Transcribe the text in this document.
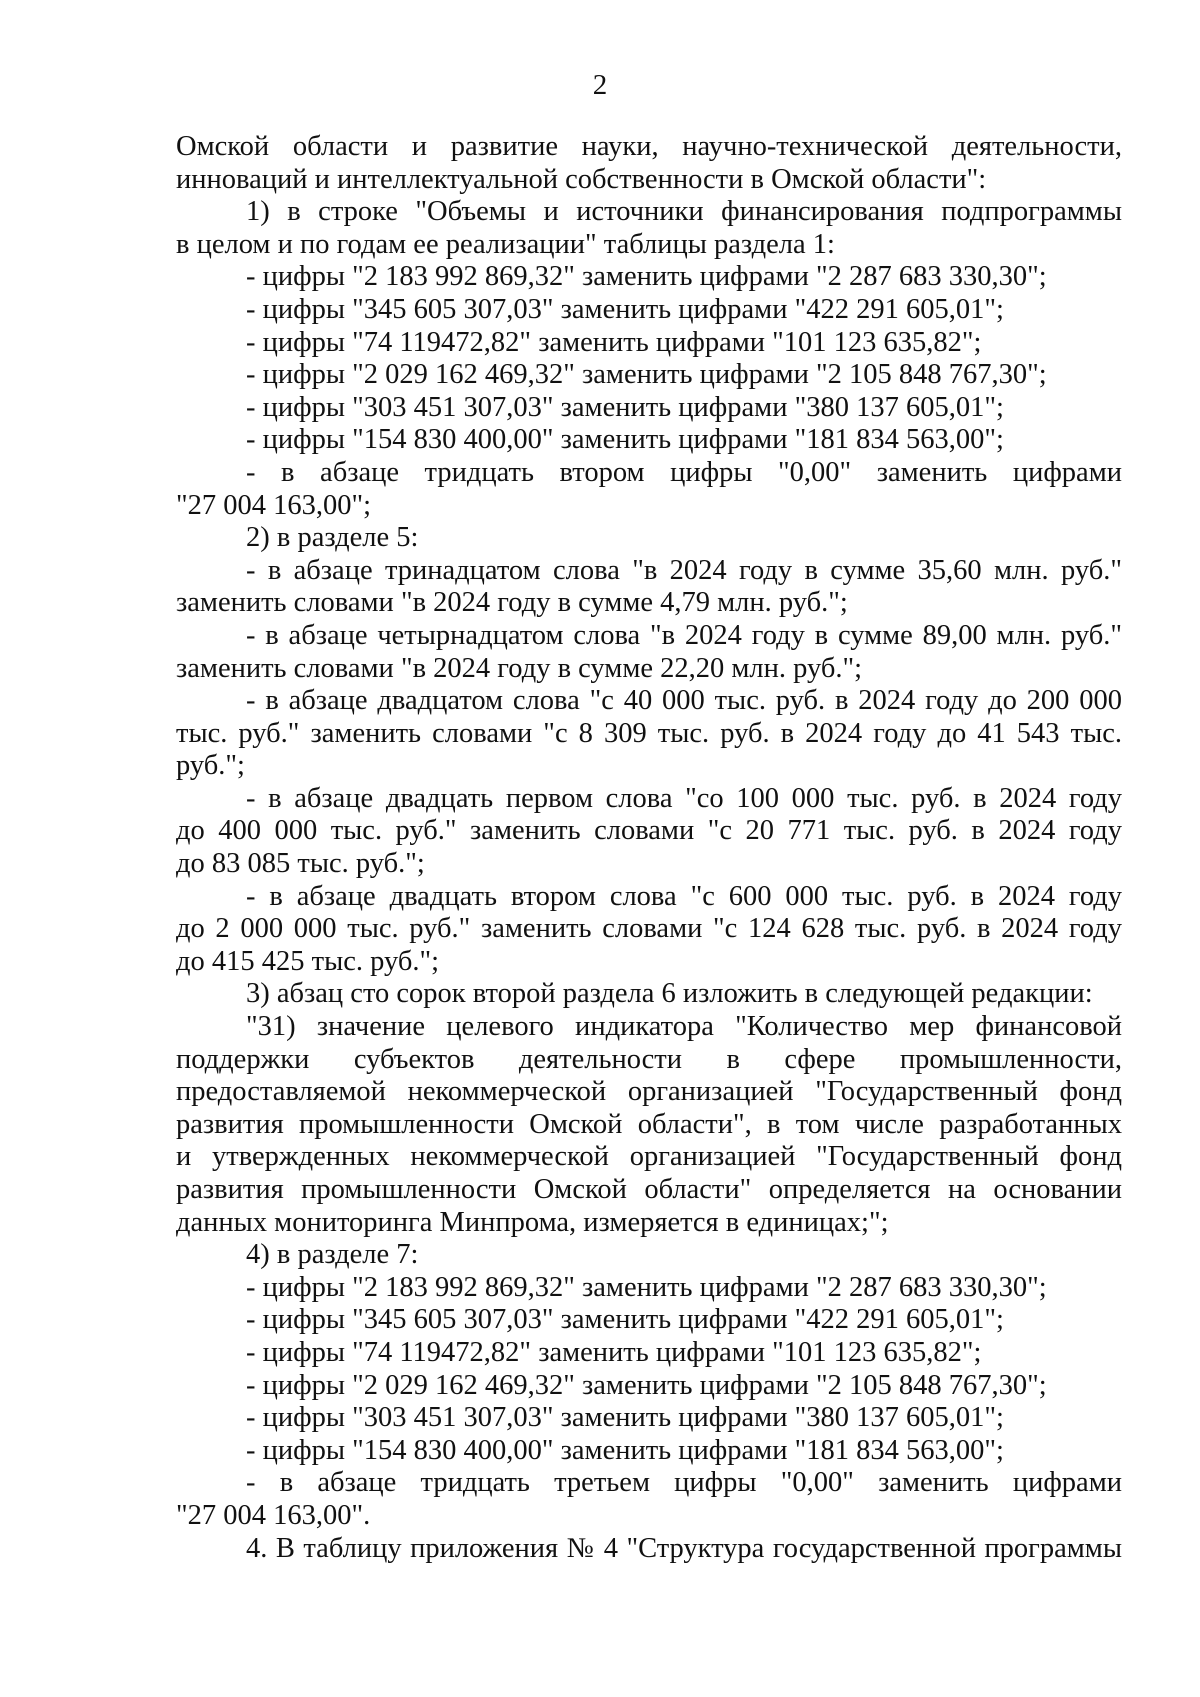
2
Омской области и развитие науки, научно-технической деятельности,
инноваций и интеллектуальной собственности в Омской области":
1) в строке "Объемы и источники финансирования подпрограммы
в целом и по годам ее реализации" таблицы раздела 1:
- цифры "2 183 992 869,32" заменить цифрами "2 287 683 330,30";
- цифры "345 605 307,03" заменить цифрами "422 291 605,01";
- цифры "74 119472,82" заменить цифрами "101 123 635,82";
- цифры "2 029 162 469,32" заменить цифрами "2 105 848 767,30";
- цифры "303 451 307,03" заменить цифрами "380 137 605,01";
- цифры "154 830 400,00" заменить цифрами "181 834 563,00";
- в абзаце тридцать втором цифры "0,00" заменить цифрами
"27 004 163,00";
2) в разделе 5:
- в абзаце тринадцатом слова "в 2024 году в сумме 35,60 млн. руб."
заменить словами "в 2024 году в сумме 4,79 млн. руб.";
- в абзаце четырнадцатом слова "в 2024 году в сумме 89,00 млн. руб."
заменить словами "в 2024 году в сумме 22,20 млн. руб.";
- в абзаце двадцатом слова "с 40 000 тыс. руб. в 2024 году до 200 000
тыс. руб." заменить словами "с 8 309 тыс. руб. в 2024 году до 41 543 тыс.
руб.";
- в абзаце двадцать первом слова "со 100 000 тыс. руб. в 2024 году
до 400 000 тыс. руб." заменить словами "с 20 771 тыс. руб. в 2024 году
до 83 085 тыс. руб.";
- в абзаце двадцать втором слова "с 600 000 тыс. руб. в 2024 году
до 2 000 000 тыс. руб." заменить словами "с 124 628 тыс. руб. в 2024 году
до 415 425 тыс. руб.";
3) абзац сто сорок второй раздела 6 изложить в следующей редакции:
"31) значение целевого индикатора "Количество мер финансовой
поддержки субъектов деятельности в сфере промышленности,
предоставляемой некоммерческой организацией "Государственный фонд
развития промышленности Омской области", в том числе разработанных
и утвержденных некоммерческой организацией "Государственный фонд
развития промышленности Омской области" определяется на основании
данных мониторинга Минпрома, измеряется в единицах;";
4) в разделе 7:
- цифры "2 183 992 869,32" заменить цифрами "2 287 683 330,30";
- цифры "345 605 307,03" заменить цифрами "422 291 605,01";
- цифры "74 119472,82" заменить цифрами "101 123 635,82";
- цифры "2 029 162 469,32" заменить цифрами "2 105 848 767,30";
- цифры "303 451 307,03" заменить цифрами "380 137 605,01";
- цифры "154 830 400,00" заменить цифрами "181 834 563,00";
- в абзаце тридцать третьем цифры "0,00" заменить цифрами
"27 004 163,00".
4. В таблицу приложения № 4 "Структура государственной программы
